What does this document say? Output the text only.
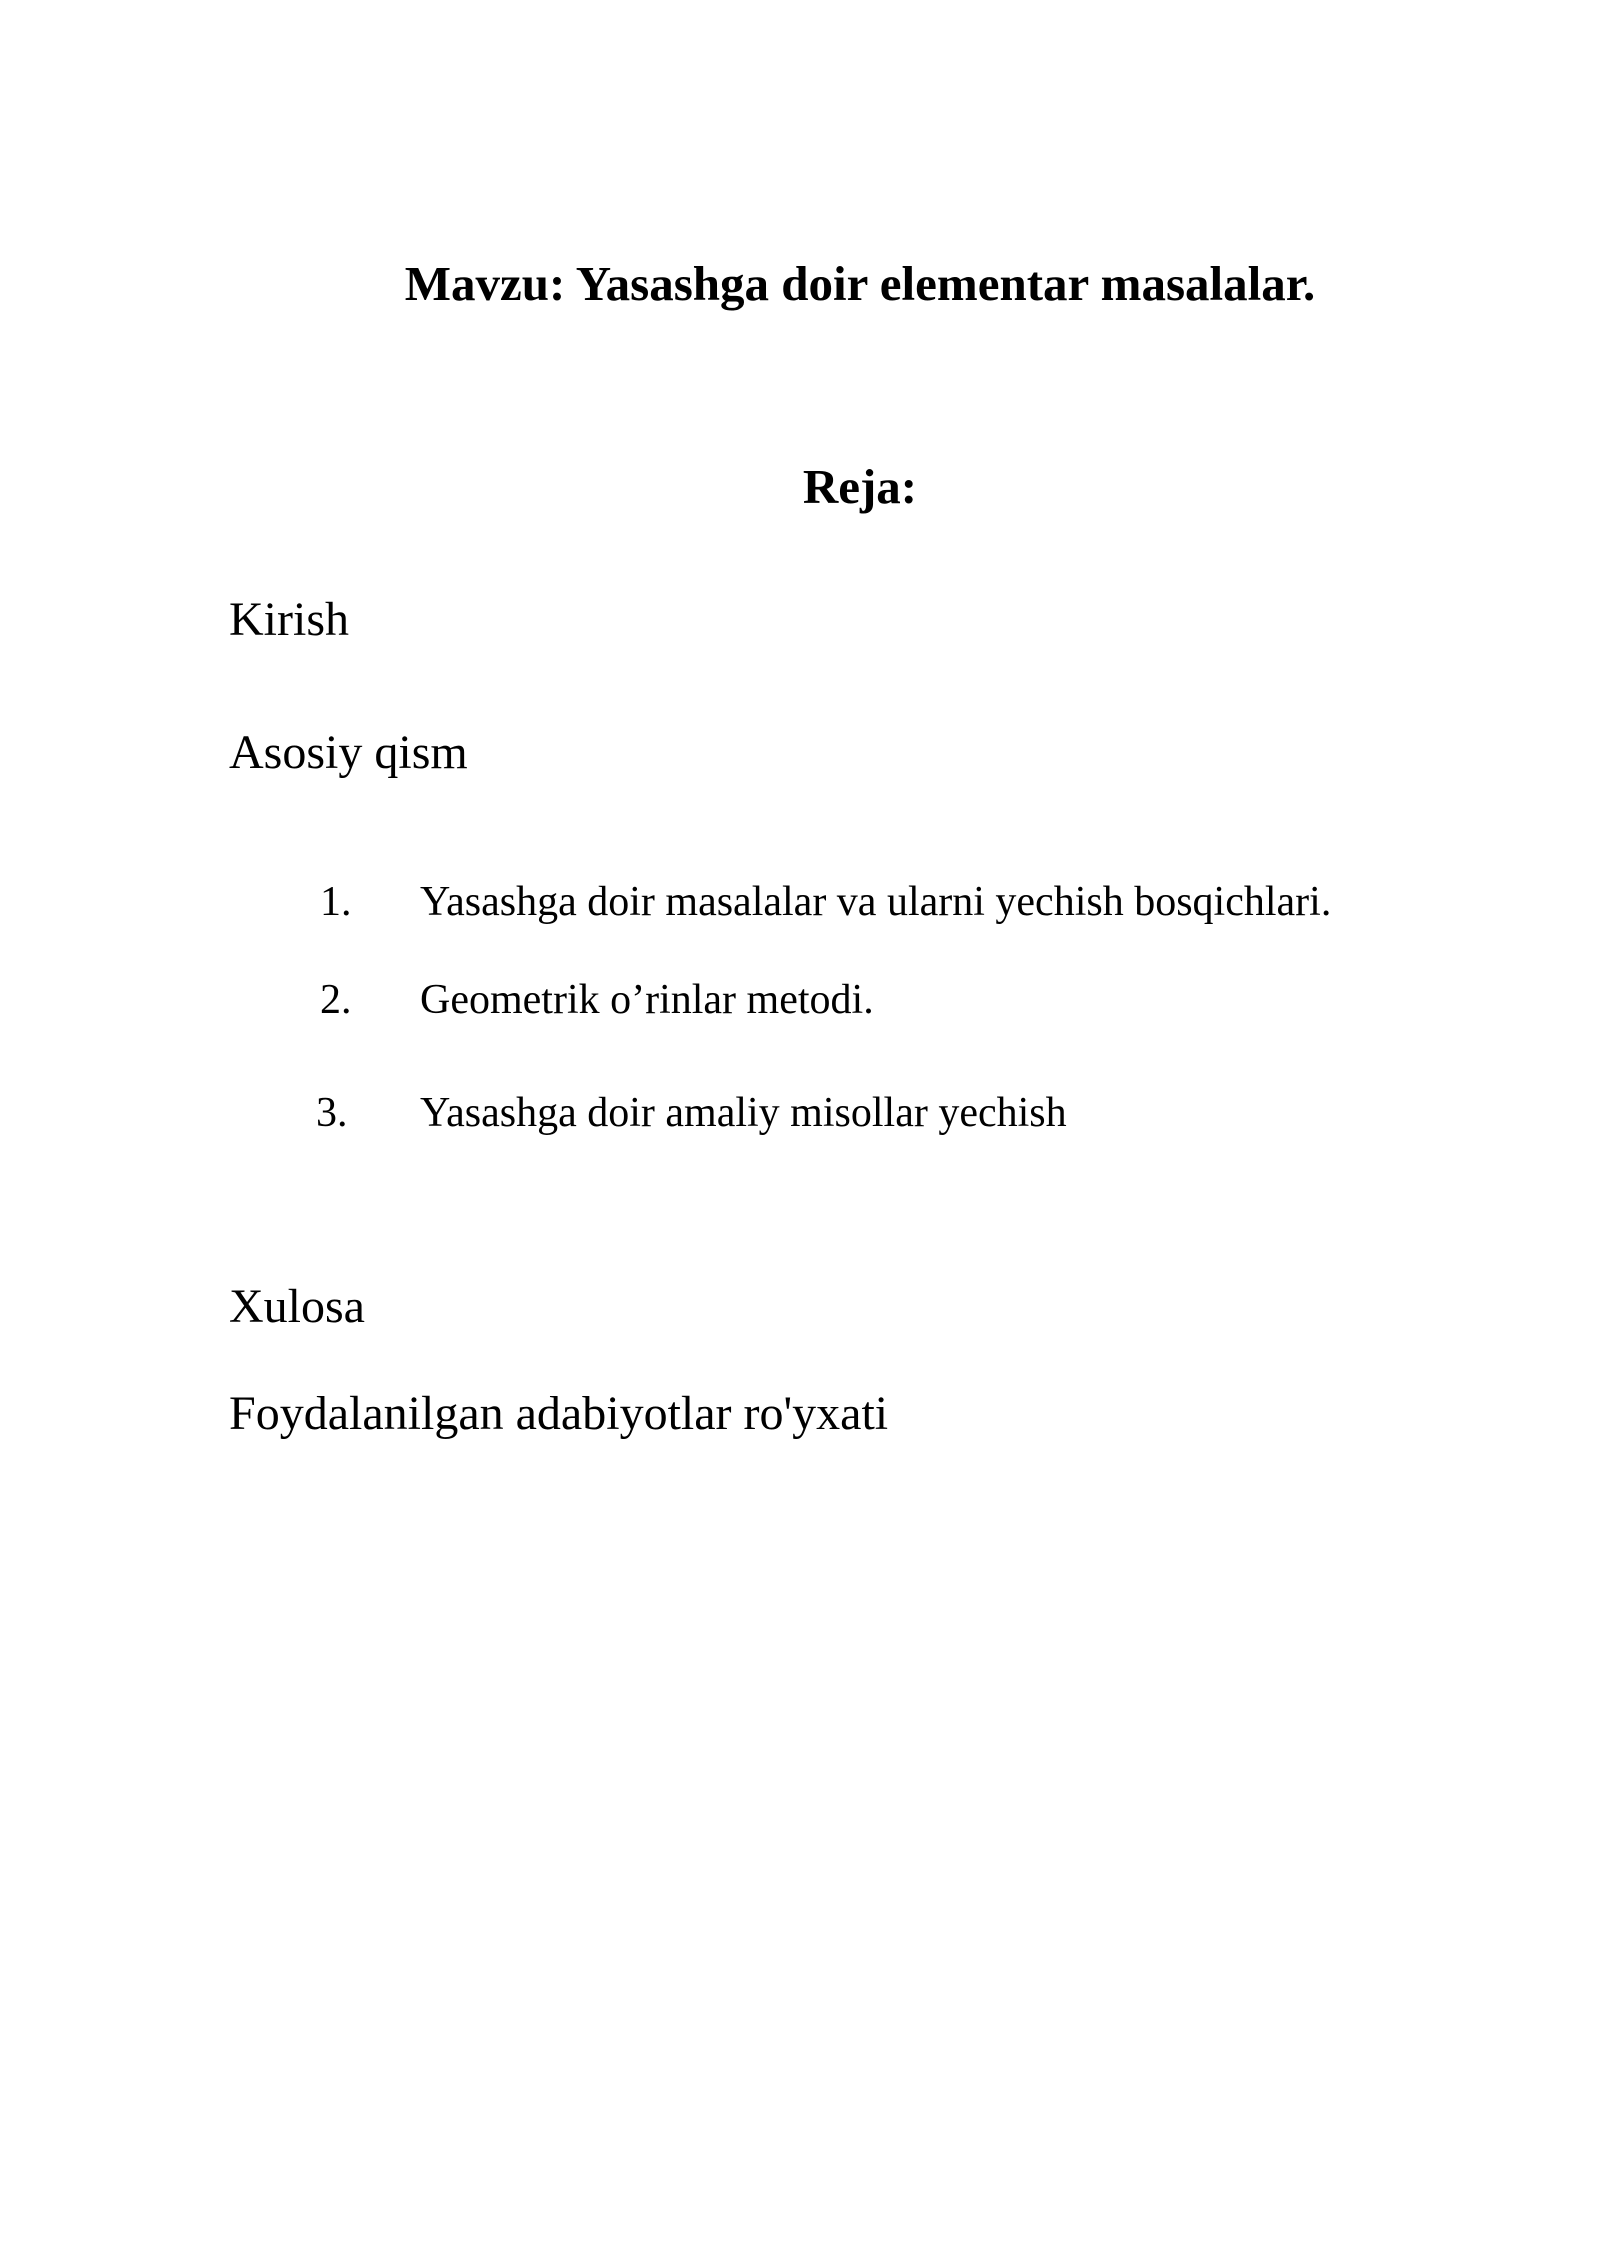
Mavzu: Yasashga doir elementar masalalar.
Reja:
Kirish
Asosiy qism
1.	Yasashga doir masalalar va ularni yechish bosqichlari.
2.	Geometrik o’rinlar metodi.
3.	Yasashga doir amaliy misollar yechish
Xulosa
Foydalanilgan adabiyotlar ro'yxati
